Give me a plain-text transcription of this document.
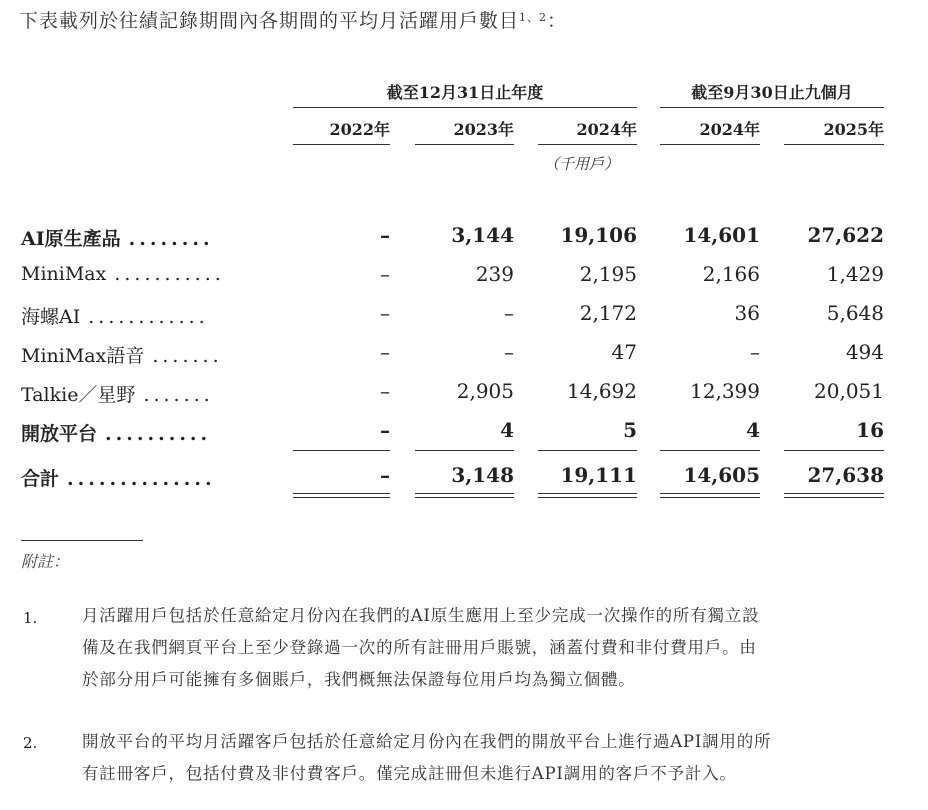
下表載列於往績記錄期間內各期間的平均月活躍用戶數目$^{1、2}$：
截至12月31日止年度	截至9月30日止九個月
2022年	2023年	2024年	2024年	2025年
（千用戶）
AI原生產品 ........	–	3,144	19,106	14,601	27,622
MiniMax ...........	–	239	2,195	2,166	1,429
海螺AI ............	–	–	2,172	36	5,648
MiniMax語音 .......	–	–	47	–	494
Talkie／星野 .......	–	2,905	14,692	12,399	20,051
開放平台 ..........	–	4	5	4	16
合計 ..............	–	3,148	19,111	14,605	27,638
附註：
1.	月活躍用戶包括於任意給定月份內在我們的AI原生應用上至少完成一次操作的所有獨立設
備及在我們網頁平台上至少登錄過一次的所有註冊用戶賬號，涵蓋付費和非付費用戶。由
於部分用戶可能擁有多個賬戶，我們概無法保證每位用戶均為獨立個體。
2.	開放平台的平均月活躍客戶包括於任意給定月份內在我們的開放平台上進行過API調用的所
有註冊客戶，包括付費及非付費客戶。僅完成註冊但未進行API調用的客戶不予計入。
